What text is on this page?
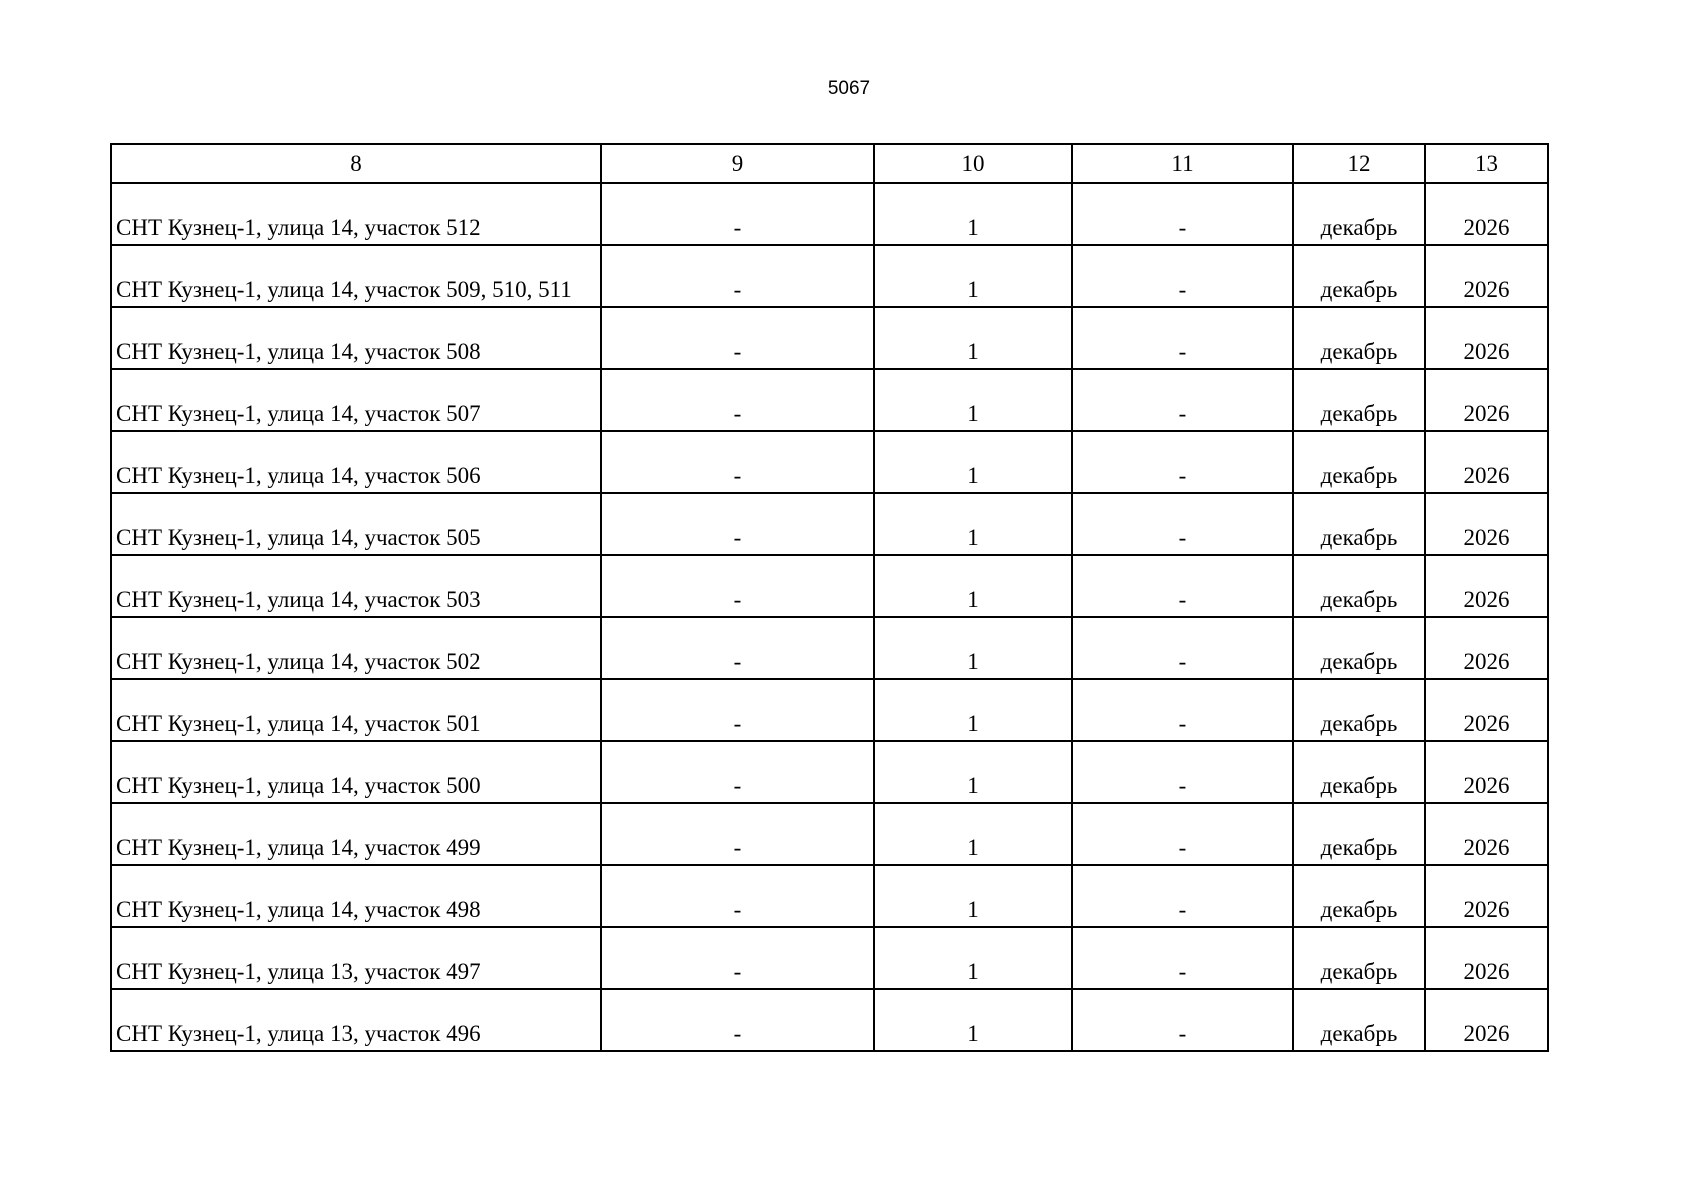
5067
8	9	10	11	12	13
СНТ Кузнец-1, улица 14, участок 512	-	1	-	декабрь	2026
СНТ Кузнец-1, улица 14, участок 509, 510, 511	-	1	-	декабрь	2026
СНТ Кузнец-1, улица 14, участок 508	-	1	-	декабрь	2026
СНТ Кузнец-1, улица 14, участок 507	-	1	-	декабрь	2026
СНТ Кузнец-1, улица 14, участок 506	-	1	-	декабрь	2026
СНТ Кузнец-1, улица 14, участок 505	-	1	-	декабрь	2026
СНТ Кузнец-1, улица 14, участок 503	-	1	-	декабрь	2026
СНТ Кузнец-1, улица 14, участок 502	-	1	-	декабрь	2026
СНТ Кузнец-1, улица 14, участок 501	-	1	-	декабрь	2026
СНТ Кузнец-1, улица 14, участок 500	-	1	-	декабрь	2026
СНТ Кузнец-1, улица 14, участок 499	-	1	-	декабрь	2026
СНТ Кузнец-1, улица 14, участок 498	-	1	-	декабрь	2026
СНТ Кузнец-1, улица 13, участок 497	-	1	-	декабрь	2026
СНТ Кузнец-1, улица 13, участок 496	-	1	-	декабрь	2026
